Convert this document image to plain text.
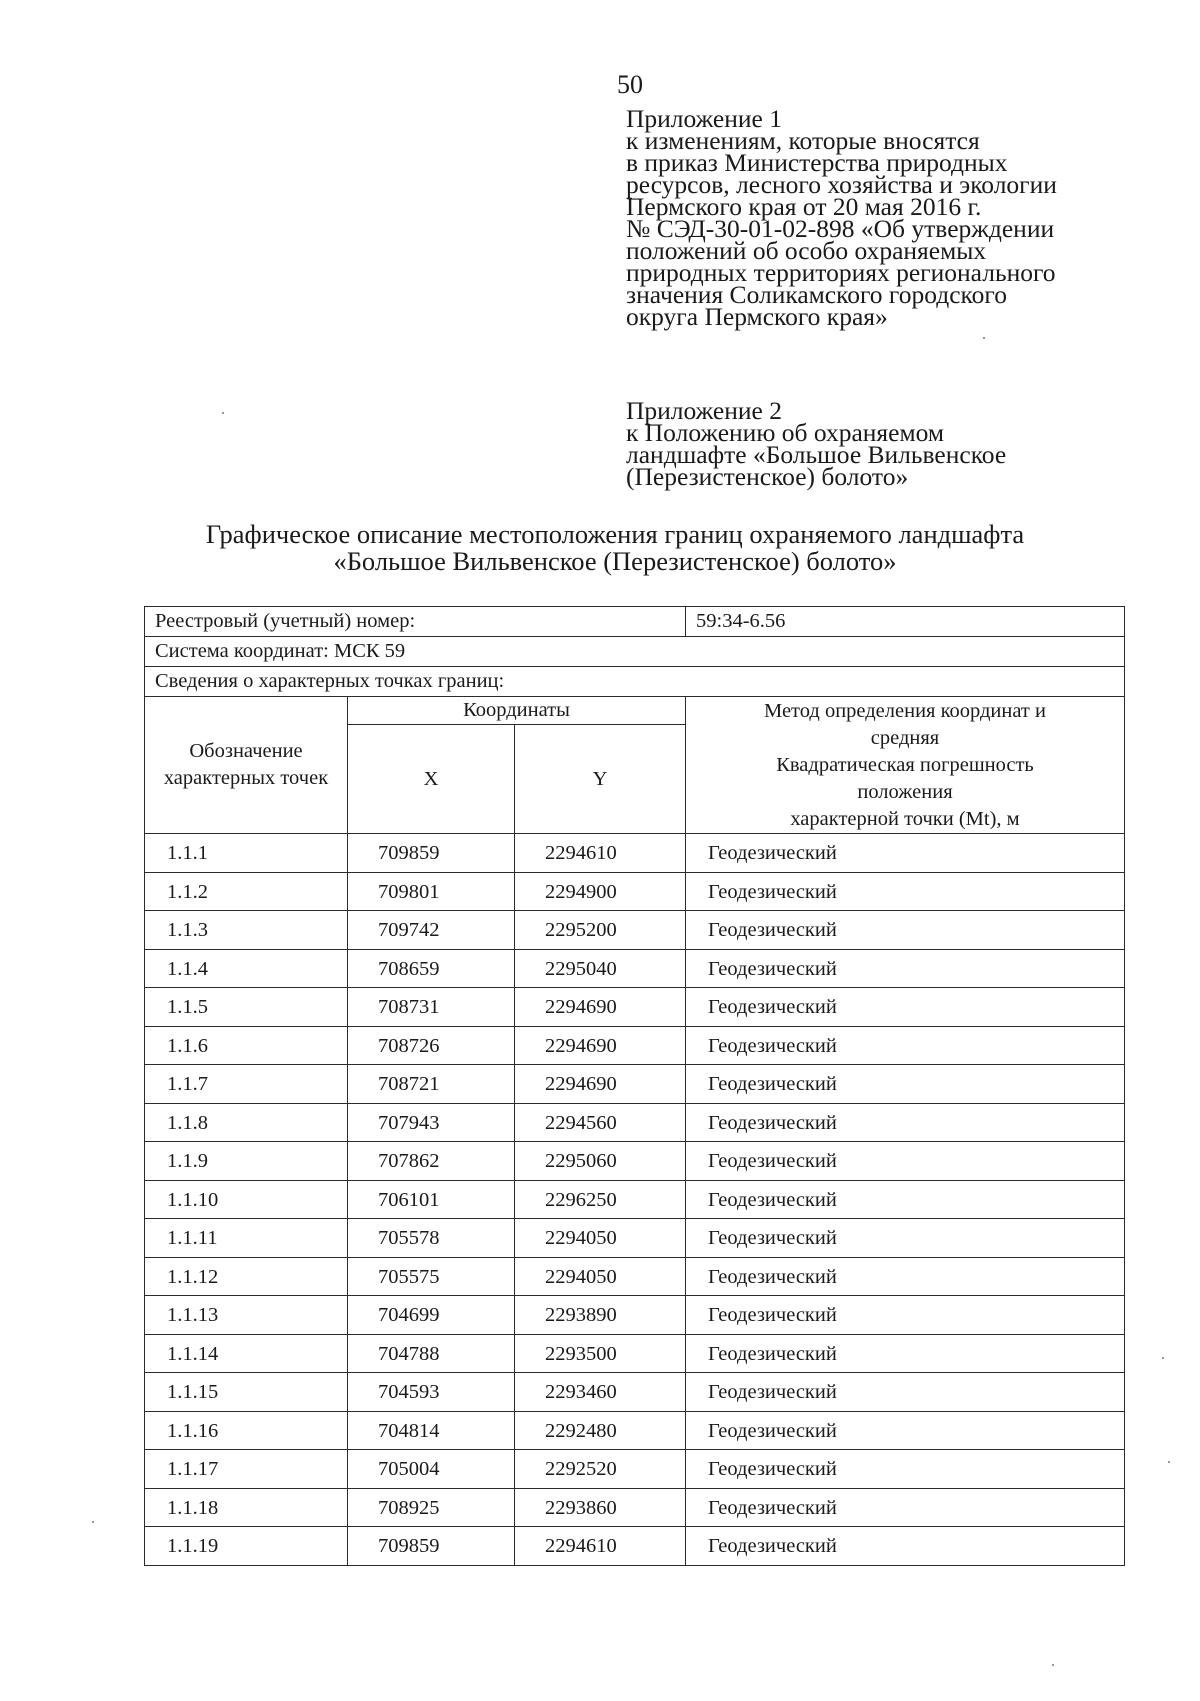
50
Приложение 1
к изменениям, которые вносятся
в приказ Министерства природных
ресурсов, лесного хозяйства и экологии
Пермского края от 20 мая 2016 г.
№ СЭД-30-01-02-898 «Об утверждении
положений об особо охраняемых
природных территориях регионального
значения Соликамского городского
округа Пермского края»
Приложение 2
к Положению об охраняемом
ландшафте «Большое Вильвенское
(Перезистенское) болото»
Графическое описание местоположения границ охраняемого ландшафта
«Большое Вильвенское (Перезистенское) болото»
Реестровый (учетный) номер:			59:34-6.56
Система координат: МСК 59			
Сведения о характерных точках границ:			
Обозначение характерных точек	Координаты		Метод определения координат и
средняя
Квадратическая погрешность
положения
характерной точки (Mt), м

	X	Y	
1.1.1	709859	2294610	Геодезический
1.1.2	709801	2294900	Геодезический
1.1.3	709742	2295200	Геодезический
1.1.4	708659	2295040	Геодезический
1.1.5	708731	2294690	Геодезический
1.1.6	708726	2294690	Геодезический
1.1.7	708721	2294690	Геодезический
1.1.8	707943	2294560	Геодезический
1.1.9	707862	2295060	Геодезический
1.1.10	706101	2296250	Геодезический
1.1.11	705578	2294050	Геодезический
1.1.12	705575	2294050	Геодезический
1.1.13	704699	2293890	Геодезический
1.1.14	704788	2293500	Геодезический
1.1.15	704593	2293460	Геодезический
1.1.16	704814	2292480	Геодезический
1.1.17	705004	2292520	Геодезический
1.1.18	708925	2293860	Геодезический
1.1.19	709859	2294610	Геодезический
